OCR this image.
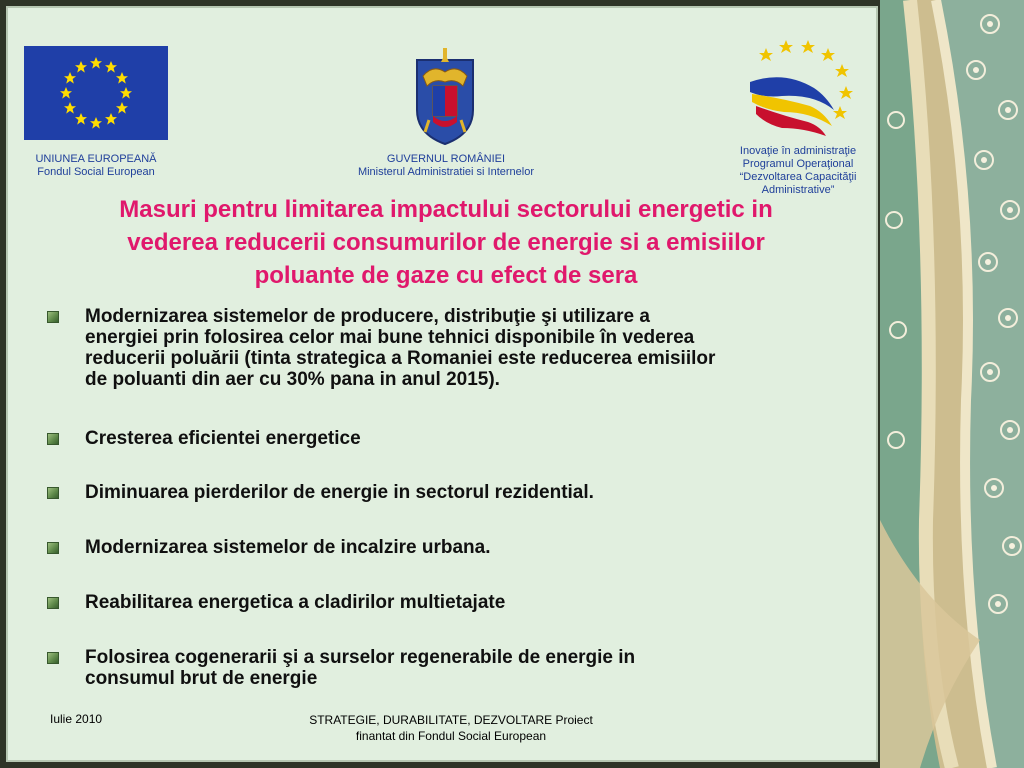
UNIUNEA EUROPEANĂ
Fondul Social European
GUVERNUL ROMÂNIEI
Ministerul Administratiei si Internelor
Inovaţie în administraţie
Programul Operaţional
“Dezvoltarea Capacităţii
Administrative”
Masuri pentru limitarea impactului sectorului energetic in
vederea reducerii consumurilor de energie si a emisiilor
poluante de gaze cu efect de sera
Modernizarea sistemelor de producere, distribuţie şi utilizare a
energiei prin folosirea celor mai bune tehnici disponibile în vederea
reducerii poluării (tinta strategica a Romaniei este reducerea emisiilor
de poluanti din aer cu 30% pana in anul 2015).
Cresterea eficientei energetice
Diminuarea pierderilor de energie in sectorul rezidential.
Modernizarea sistemelor de incalzire urbana.
Reabilitarea energetica a cladirilor multietajate
Folosirea cogenerarii şi a surselor regenerabile de energie in
consumul brut de energie
Iulie 2010	STRATEGIE, DURABILITATE, DEZVOLTARE Proiect
finantat din Fondul Social European
